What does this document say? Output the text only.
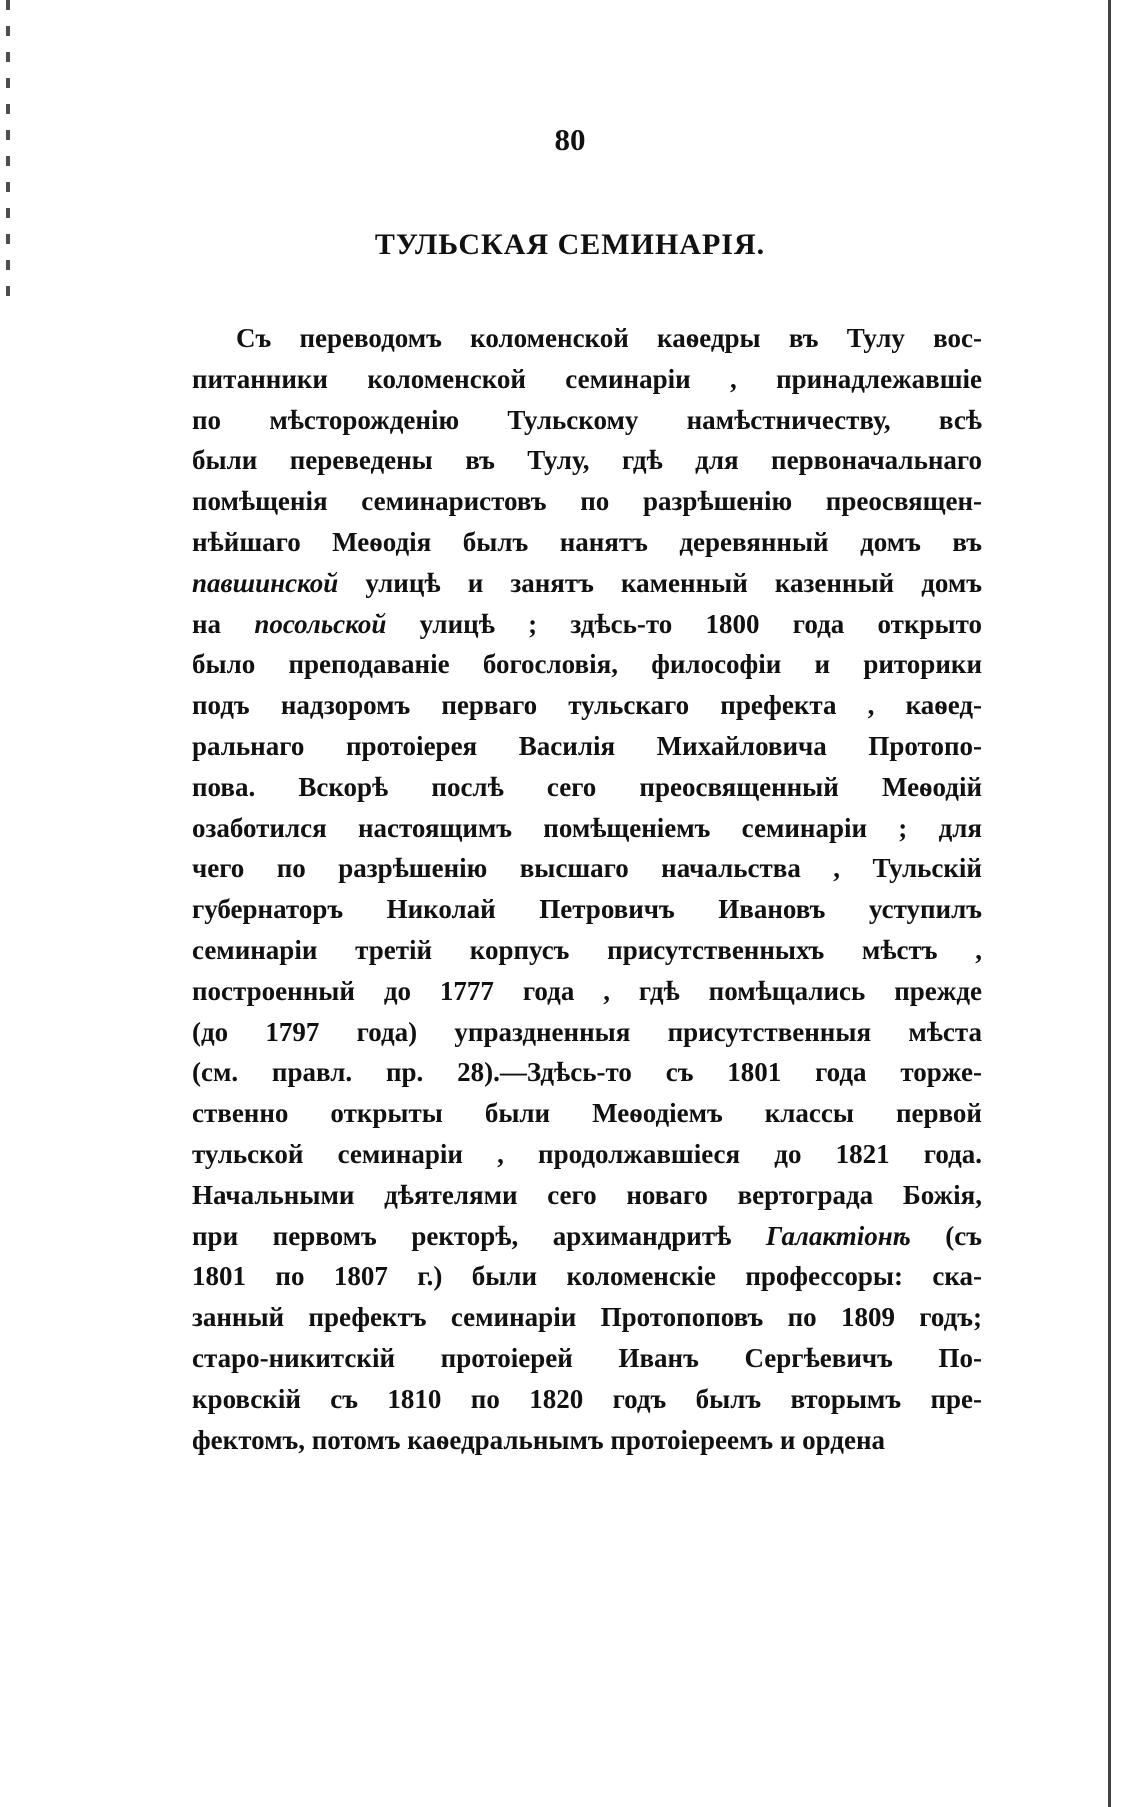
80
ТУЛЬСКАЯ СЕМИНАРІЯ.
Съ переводомъ коломенской каѳедры въ Тулу вос-
питанники коломенской семинаріи , принадлежавшіе
по мѣсторожденію Тульскому намѣстничеству, всѣ
были переведены въ Тулу, гдѣ для первоначальнаго
помѣщенія семинаристовъ по разрѣшенію преосвящен-
нѣйшаго Меѳодія былъ нанятъ деревянный домъ въ
павшинской улицѣ и занятъ каменный казенный домъ
на посольской улицѣ ; здѣсь-то 1800 года открыто
было преподаваніе богословія, философіи и риторики
подъ надзоромъ перваго тульскаго префекта , каѳед-
ральнаго протоіерея Василія Михайловича Протопо-
пова. Вскорѣ послѣ сего преосвященный Меѳодій
озаботился настоящимъ помѣщеніемъ семинаріи ; для
чего по разрѣшенію высшаго начальства , Тульскій
губернаторъ Николай Петровичъ Ивановъ уступилъ
семинаріи третій корпусъ присутственныхъ мѣстъ ,
построенный до 1777 года , гдѣ помѣщались прежде
(до 1797 года) упраздненныя присутственныя мѣста
(см. правл. пр. 28).—Здѣсь-то съ 1801 года торже-
ственно открыты были Меѳодіемъ классы первой
тульской семинаріи , продолжавшіеся до 1821 года.
Начальными дѣятелями сего новаго вертограда Божія,
при первомъ ректорѣ, архимандритѣ Галактіонѣ (съ
1801 по 1807 г.) были коломенскіе профессоры: ска-
занный префектъ семинаріи Протопоповъ по 1809 годъ;
старо-никитскій протоіерей Иванъ Сергѣевичъ По-
кровскій съ 1810 по 1820 годъ былъ вторымъ пре-
фектомъ, потомъ каѳедральнымъ протоіереемъ и ордена
